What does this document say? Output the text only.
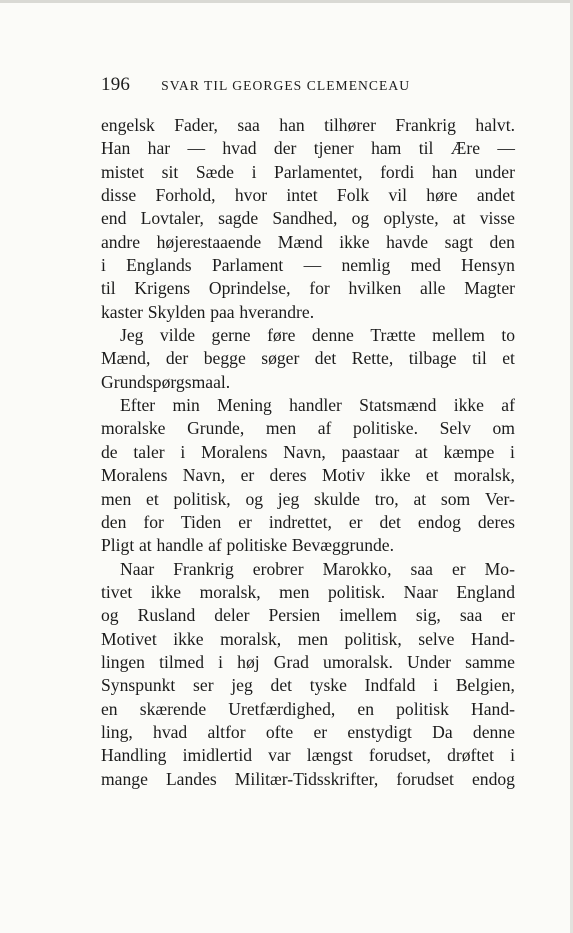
196 SVAR TIL GEORGES CLEMENCEAU
engelsk Fader, saa han tilhører Frankrig halvt.
Han har — hvad der tjener ham til Ære —
mistet sit Sæde i Parlamentet, fordi han under
disse Forhold, hvor intet Folk vil høre andet
end Lovtaler, sagde Sandhed, og oplyste, at visse
andre højerestaaende Mænd ikke havde sagt den
i Englands Parlament — nemlig med Hensyn
til Krigens Oprindelse, for hvilken alle Magter
kaster Skylden paa hverandre.
Jeg vilde gerne føre denne Trætte mellem to
Mænd, der begge søger det Rette, tilbage til et
Grundspørgsmaal.
Efter min Mening handler Statsmænd ikke af
moralske Grunde, men af politiske. Selv om
de taler i Moralens Navn, paastaar at kæmpe i
Moralens Navn, er deres Motiv ikke et moralsk,
men et politisk, og jeg skulde tro, at som Ver-
den for Tiden er indrettet, er det endog deres
Pligt at handle af politiske Bevæggrunde.
Naar Frankrig erobrer Marokko, saa er Mo-
tivet ikke moralsk, men politisk. Naar England
og Rusland deler Persien imellem sig, saa er
Motivet ikke moralsk, men politisk, selve Hand-
lingen tilmed i høj Grad umoralsk. Under samme
Synspunkt ser jeg det tyske Indfald i Belgien,
en skærende Uretfærdighed, en politisk Hand-
ling, hvad altfor ofte er enstydigt Da denne
Handling imidlertid var længst forudset, drøftet i
mange Landes Militær-Tidsskrifter, forudset endog
